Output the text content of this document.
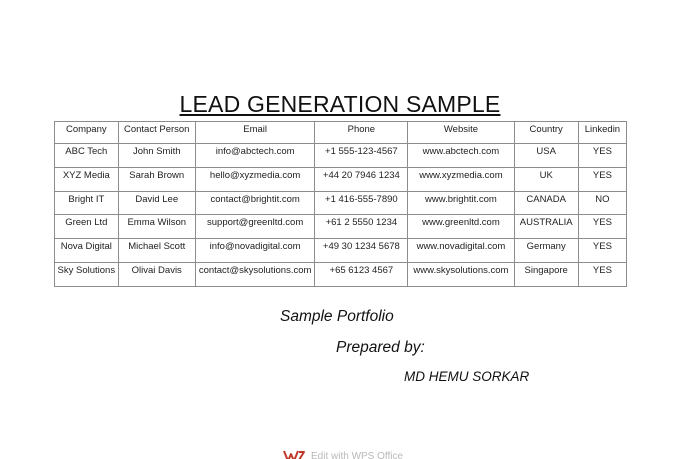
LEAD GENERATION SAMPLE
Company	Contact Person	Email	Phone	Website	Country	Linkedin
ABC Tech	John Smith	info@abctech.com	+1 555-123-4567	www.abctech.com	USA	YES
XYZ Media	Sarah Brown	hello@xyzmedia.com	+44 20 7946 1234	www.xyzmedia.com	UK	YES
Bright IT	David Lee	contact@brightit.com	+1 416-555-7890	www.brightit.com	CANADA	NO
Green Ltd	Emma Wilson	support@greenltd.com	+61 2 5550 1234	www.greenltd.com	AUSTRALIA	YES
Nova Digital	Michael Scott	info@novadigital.com	+49 30 1234 5678	www.novadigital.com	Germany	YES
Sky Solutions	Olivai Davis	contact@skysolutions.com	+65 6123 4567	www.skysolutions.com	Singapore	YES
Sample Portfolio
Prepared by:
MD HEMU SORKAR
Edit with WPS Office
